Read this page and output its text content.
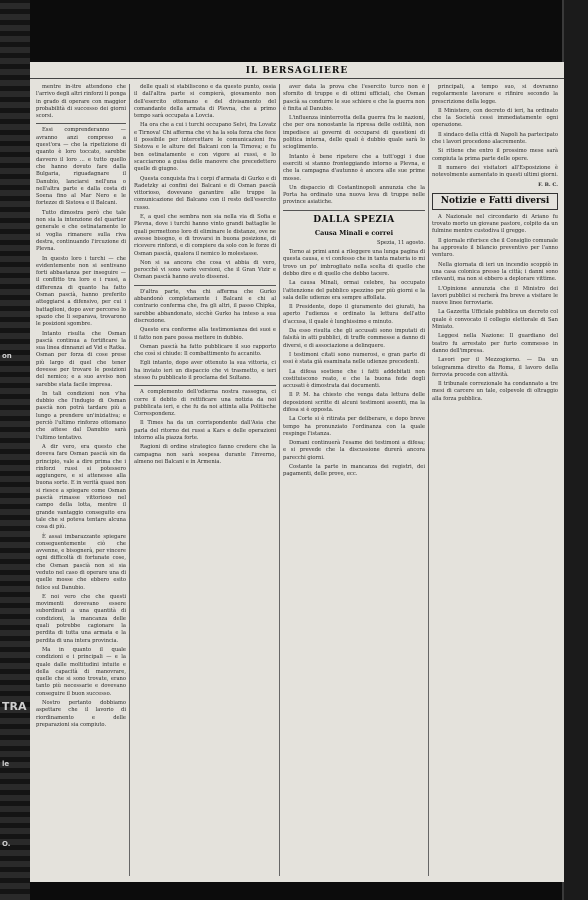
on
TRA
le
O.
IL BERSAGLIERE

mentre in-itre attendono che l'arrivo degli altri rinforzi li ponga in grado di operare con maggior probabilità di successo dei giorni scorsi.

Essi comprenderanno — avranno anzi compreso a quest'ora — che la ripetizione di quanto è loro toccato, sarebbe davvero il loro ... e tutto quello che hanno dovuto fare dalla Bulgaria, riguadagnare il Danubio, lanciarsi nell'una o nell'altra parte e dalla costa di Soena fino al Mar Nero e le fortezze di Sistova e il Balcani.

Tutto dimostra però che tale non sia la intenzione del quartier generale e che ostinatamente lo si voglia rimanere sulla riva destra, continuando l'ircuzione di Plevna.

In questo loro i turchi — che evidentemente non si sentivano forti abbastanza per inseguire — il conflitto tra loro e i russi, a differenza di quanto ha fatto Osman pascià, hanno preferito atteggiarsi a difensivo, per cui i battaglioni, dopo aver percorso lo spazio che li separava, trovarono le posizioni sgombre.

Intanto risulta che Osman pascià continua a fortificare la sua linea dinnanzi ad Vid e Ratka. Osman per forza di cose prese più largo di quel che tener dovesse per trovare le posizioni del nemico; e a suo avviso non sarebbe stata facile impresa.

In tali condizioni non v'ha dubbio che l'indugio di Osman pascià non potrà tardare più a lungo a prendere un'iniziativa; e perciò l'ultimo rinforzo ottomano che attese dal Danubio sarà l'ultimo tentativo.

A dir vero, era questo che doveva fare Osman pascià sin da principio, vale a dire prima che i rinforzi russi si potessero aggiungere, e si attenesse alla buona sorte. E in verità quasi non si riesce a spiegare come Osman pascià rimasse vittorioso nel campo della lotta, mentre il grande vantaggio conseguito era tale che si poteva tentare alcuna cosa di più.

È assai imbarazzante spiegare conseguentemente ciò che avvenne, e bisognerà, per vincere ogni difficoltà di fortunate cose, che Osman pascià non si sia veduto nel caso di operare una di quelle mosse che ebbero esito felice sul Danubio.

E noi vero che che questi movimenti dovevano essere subordinati a una quantità di condizioni, la mancanza delle quali potrebbe cagionare la perdita di tutta una armata e la perdita di una intera provincia.

Ma in quanto il quale condizioni e i principali — e la quale dalle moltitudini intuite e della capacità di manovrare, quelle che si sono trovate, erano tanto più necessarie e dovevano conseguire il buon successo.

Nostro pertanto dobbiamo aspettare che il lavorio di riordinamento e delle preparazioni sia compiuto.

delle quali si stabiliscono e da questo punto, ossia il dall'altra parte si compierà, giovamento non dell'esercito ottomano e del divisamento del comandante della armata di Plevna, che a primo tempo sarà occupata a Lovcia.

Ha ora che a cui i turchi occupano Selvi, fra Lovatz e Tirnova! Chi afferma che vi ha la sola forza che fece il possibile per intercettare le comunicazioni fra Sistova e le alture del Balcani con la Tirnova; e fu ben ostinatamente e con vigore ai russi, e lo scacciarono a guisa delle manovre che precedettero quelle di giugno.

Questa conquista fra i corpi d'armata di Gurko e di Radetzky ai confini dei Balcani e di Osman pascià vittorioso, dovevano garantire alle truppe la comunicazione del Balcano con il resto dell'esercito russo.

E, a quel che sembra non sia nella via di Sofia e Plevna, dove i turchi hanno vinto grandi battaglie le quali permettono loro di eliminare le distanze, ove ne avesse bisogno, e di trovarsi in buona posizione, di ricevere rinforzi, e di compiere da solo con le forze di Osman pascià, qualora il nemico lo molestasse.

Non si sa ancora che cosa vi abbia di vero, perocchè vi sono varie versioni, che il Gran Vizir e Osman pascià hanno avuto dissensi.

D'altra parte, vha chi afferma che Gurko abbandonò completamente i Balcani e chi al contrario conferma che, fra gli altri, il passo Chipka, sarebbe abbandonato, sicchè Gurko ha inteso a sua discrezione.

Questo era conforme alla testimonianza dei suoi e il fatto non pare possa mettere in dubbio.

Osman pascià ha fatto pubblicare il suo rapporto che così si chiude: Il combattimento fu accanito.

Egli intanto, dopo aver ottenuto la sua vittoria, ci ha inviato ieri un dispaccio che vi trasmetto, e ieri stesso fu pubblicato il proclama del Sultano.

A complemento dell'odierna nostra rassegna, ci corre il debito di rettificare una notizia da noi pubblicata ieri, e che fu da noi attinta alla Politische Correspondenz.

Il Times ha da un corrispondente dall'Asia che parla del ritorno dei russi a Kars e delle operazioni intorno alla piazza forte.

Ragioni di ordine strategico fanno credere che la campagna non sarà sospesa durante l'inverno, almeno nei Balcani e in Armenia.

aver data la prova che l'esercito turco non è sfornito di truppe e di ottimi ufficiali, che Osman pascià sa condurre le sue schiere e che la guerra non è finita al Danubio.

L'influenza ininterrotta della guerra fra le nazioni, che per ora nonostante la ripresa delle ostilità, non impedisce ai governi di occuparsi di questioni di politica interna, delle quali è dubbio quale sarà lo scioglimento.

Intanto è bene ripetere che a tutt'oggi i due eserciti si stanno fronteggiando intorno a Plevna, e che la campagna d'autunno è ancora alle sue prime mosse.

Un dispaccio di Costantinopoli annunzia che la Porta ha ordinato una nuova leva di truppe nelle province asiatiche.

DALLA SPEZIA
Causa Minali e correi

Spezia, 11 agosto.

Torno ai primi anni a rileggere una lunga pagina di questa causa, e vi confesso che in tanta materia io mi trovo un po' imbrogliato nella scelta di quello che debbo dire e di quello che debbo tacere.

La causa Minali, ormai celebre, ha occupato l'attenzione del pubblico spezzino per più giorni e la sala delle udienze era sempre affollata.

Il Presidente, dopo il giuramento dei giurati, ha aperto l'udienza e ordinato la lettura dell'atto d'accusa, il quale è lunghissimo e minuto.

Da esso risulta che gli accusati sono imputati di falsità in atti pubblici, di truffe commesse a danno di diversi, e di associazione a delinquere.

I testimoni citati sono numerosi, e gran parte di essi è stata già esaminata nelle udienze precedenti.

La difesa sostiene che i fatti addebitati non costituiscono reato, e che la buona fede degli accusati è dimostrata dai documenti.

Il P. M. ha chiesto che venga data lettura delle deposizioni scritte di alcuni testimoni assenti, ma la difesa si è opposta.

La Corte si è ritirata per deliberare, e dopo breve tempo ha pronunziato l'ordinanza con la quale respinge l'istanza.

Domani continuerà l'esame dei testimoni a difesa; e si prevede che la discussione durerà ancora parecchi giorni.

Costante la parte in mancanza dei registri, dei pagamenti, delle prove, ecc.

principali, a tempo suo, si dovranno regolarmente lavorare e rifinire secondo la prescrizione della legge.

Il Ministero, con decreto di ieri, ha ordinato che la Società cessi immediatamente ogni operazione.

Il sindaco della città di Napoli ha partecipato che i lavori procedono alacremente.

Si ritiene che entro il prossimo mese sarà compiuta la prima parte delle opere.

Il numero dei visitatori all'Esposizione è notevolmente aumentato in questi ultimi giorni.

F. B. C.
Notizie e Fatti diversi

A Nazionale nel circondario di Ariano fu trovato morto un giovane pastore, colpito da un fulmine mentre custodiva il gregge.

Il giornale riferisce che il Consiglio comunale ha approvato il bilancio preventivo per l'anno venturo.

Nella giornata di ieri un incendio scoppiò in una casa colonica presso la città; i danni sono rilevanti, ma non si ebbero a deplorare vittime.

L'Opinione annunzia che il Ministro dei lavori pubblici si recherà fra breve a visitare le nuove linee ferroviarie.

La Gazzetta Ufficiale pubblica un decreto col quale è convocato il collegio elettorale di San Miniato.

Leggesi nella Nazione: Il guardiano del teatro fu arrestato per furto commesso in danno dell'impresa.

Lavori per il Mezzogiorno. — Da un telegramma diretto da Roma, il lavoro della ferrovia procede con attività.

Il tribunale correzionale ha condannato a tre mesi di carcere un tale, colpevole di oltraggio alla forza pubblica.
